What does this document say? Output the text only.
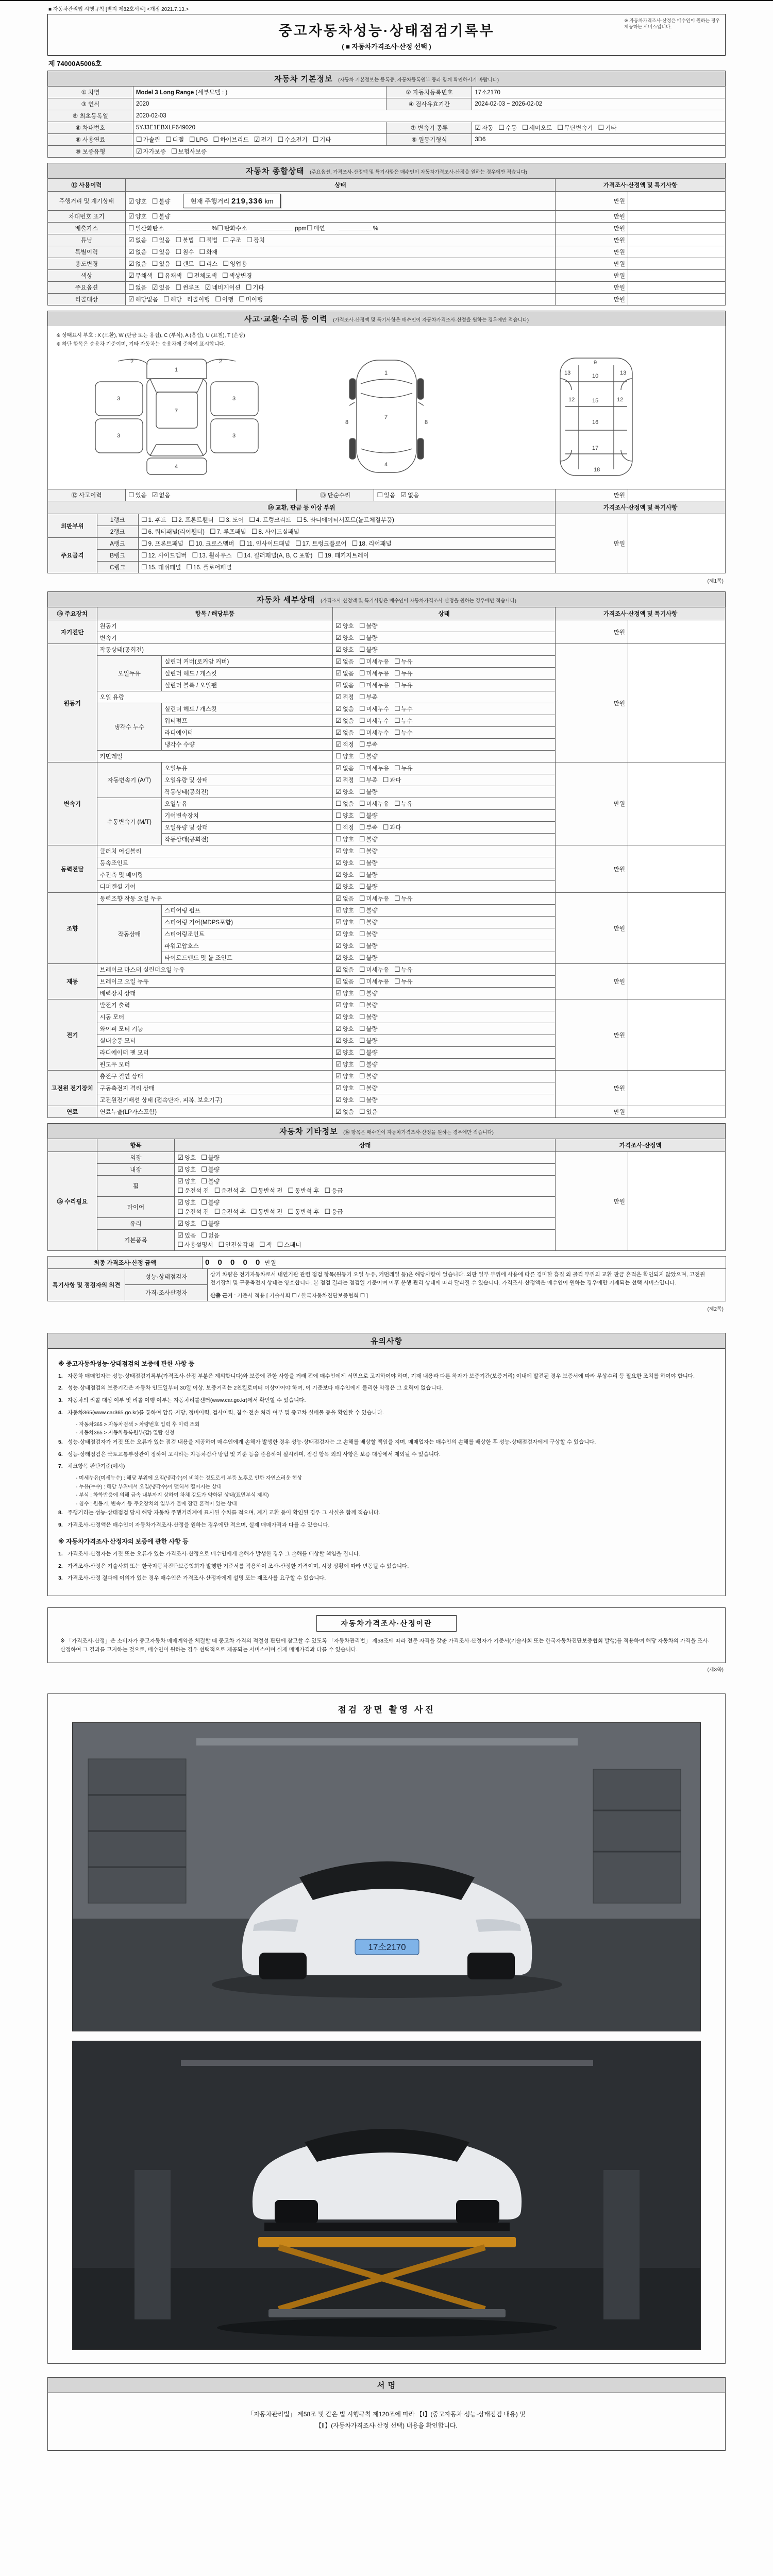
■ 자동차관리법 시행규칙 [별지 제82호서식] <개정 2021.7.13.>
※ 자동차가격조사·산정은 매수인이 원하는 경우
제공하는 서비스입니다.
중고자동차성능·상태점검기록부
( ■ 자동차가격조사·산정 선택 )
제 74000A5006호
자동차 기본정보 (자동차 기본정보는 등록증, 자동차등록원부 등과 함께 확인하시기 바랍니다)
① 차명	Model 3 Long Range (세부모델 : )	② 자동차등록번호	17소2170
③ 연식	2020	④ 검사유효기간	2024-02-03 ~ 2026-02-02
⑤ 최초등록일	2020-02-03		
⑥ 차대번호	5YJ3E1EBXLF649020	⑦ 변속기 종류	☑ 자동 ☐ 수동 ☐ 세미오토 ☐ 무단변속기 ☐ 기타
⑧ 사용연료	☐ 가솔린 ☐ 디젤 ☐ LPG ☐ 하이브리드 ☑ 전기 ☐ 수소전기 ☐ 기타	⑨ 원동기형식	3D6
⑩ 보증유형	☑ 자가보증 ☐ 보험사보증		
자동차 종합상태 (주요옵션, 가격조사·산정액 및 특기사항은 매수인이 자동차가격조사·산정을 원하는 경우에만 적습니다)
⑪ 사용이력	상태	가격조사·산정액 및 특기사항	
주행거리 및 계기상태	☑ 양호 ☐ 불량 현재 주행거리 219,336 km	만원	
차대번호 표기	☑ 양호 ☐ 불량	만원	
배출가스	☐ 일산화탄소 %☐ 탄화수소 ppm☐ 매연 %	만원	
튜닝	☑ 없음 ☐ 있음 ☐ 불법 ☐ 적법 ☐ 구조 ☐ 장치	만원	
특별이력	☑ 없음 ☐ 있음 ☐ 침수 ☐ 화재	만원	
용도변경	☑ 없음 ☐ 있음 ☐ 렌트 ☐ 리스 ☐ 영업용	만원	
색상	☑ 무채색 ☐ 유채색 ☐ 전체도색 ☐ 색상변경	만원	
주요옵션	☐ 없음 ☑ 있음 ☐ 썬루프 ☑ 네비게이션 ☐ 기타	만원	
리콜대상	☑ 해당없음 ☐ 해당 리콜이행 ☐ 이행 ☐ 미이행	만원	
사고·교환·수리 등 이력 (가격조사·산정액 및 특기사항은 매수인이 자동차가격조사·산정을 원하는 경우에만 적습니다)
※ 상태표시 부호 : X (교환), W (판금 또는 용접), C (부식), A (흠집), U (요철), T (손상)
※ 하단 항목은 승용차 기준이며, 기타 자동차는 승용차에 준하여 표시합니다.
1
2	2
3	3
3	3
4
7
1
7
4
8	8
9
10
12	12
15
16
17
18
13	13
⑫ 사고이력	☐ 있음 ☑ 없음	⑬ 단순수리	☐ 있음 ☑ 없음	만원	
⑭ 교환, 판금 등 이상 부위			가격조사·산정액 및 특기사항	
외판부위	1랭크	☐ 1. 후드 ☐ 2. 프론트휀더 ☐ 3. 도어 ☐ 4. 트렁크리드 ☐ 5. 라디에이터서포트(볼트체결부품)	만원	
	2랭크	☐ 6. 쿼터패널(리어휀더) ☐ 7. 루프패널 ☐ 8. 사이드실패널		
주요골격	A랭크	☐ 9. 프론트패널 ☐ 10. 크로스멤버 ☐ 11. 인사이드패널 ☐ 17. 트렁크플로어 ☐ 18. 리어패널		
	B랭크	☐ 12. 사이드멤버 ☐ 13. 휠하우스 ☐ 14. 필러패널(A, B, C 포함) ☐ 19. 패키지트레이		
	C랭크	☐ 15. 대쉬패널 ☐ 16. 플로어패널		
(제1쪽)
자동차 세부상태 (가격조사·산정액 및 특기사항은 매수인이 자동차가격조사·산정을 원하는 경우에만 적습니다)
⑮ 주요장치	항목 / 해당부품		상태	가격조사·산정액 및 특기사항	
자기진단	원동기		☑ 양호 ☐ 불량	만원	
	변속기		☑ 양호 ☐ 불량		
원동기	작동상태(공회전)		☑ 양호 ☐ 불량	만원	
	오일누유	실린더 커버(로커암 커버)	☑ 없음 ☐ 미세누유 ☐ 누유		
		실린더 헤드 / 개스킷	☑ 없음 ☐ 미세누유 ☐ 누유		
		실린더 블록 / 오일팬	☑ 없음 ☐ 미세누유 ☐ 누유		
	오일 유량		☑ 적정 ☐ 부족		
	냉각수 누수	실린더 헤드 / 개스킷	☑ 없음 ☐ 미세누수 ☐ 누수		
		워터펌프	☑ 없음 ☐ 미세누수 ☐ 누수		
		라디에이터	☑ 없음 ☐ 미세누수 ☐ 누수		
		냉각수 수량	☑ 적정 ☐ 부족		
	커먼레일		☐ 양호 ☐ 불량		
변속기	자동변속기 (A/T)	오일누유	☑ 없음 ☐ 미세누유 ☐ 누유	만원	
		오일유량 및 상태	☑ 적정 ☐ 부족 ☐ 과다		
		작동상태(공회전)	☑ 양호 ☐ 불량		
	수동변속기 (M/T)	오일누유	☐ 없음 ☐ 미세누유 ☐ 누유		
		기어변속장치	☐ 양호 ☐ 불량		
		오일유량 및 상태	☐ 적정 ☐ 부족 ☐ 과다		
		작동상태(공회전)	☐ 양호 ☐ 불량		
동력전달	클러치 어셈블리		☑ 양호 ☐ 불량	만원	
	등속조인트		☑ 양호 ☐ 불량		
	추진축 및 베어링		☑ 양호 ☐ 불량		
	디퍼렌셜 기어		☑ 양호 ☐ 불량		
조향	동력조향 작동 오일 누유		☑ 없음 ☐ 미세누유 ☐ 누유	만원	
	작동상태	스티어링 펌프	☑ 양호 ☐ 불량		
		스티어링 기어(MDPS포함)	☑ 양호 ☐ 불량		
		스티어링조인트	☑ 양호 ☐ 불량		
		파워고압호스	☑ 양호 ☐ 불량		
		타이로드엔드 및 볼 조인트	☑ 양호 ☐ 불량		
제동	브레이크 마스터 실린더오일 누유		☑ 없음 ☐ 미세누유 ☐ 누유	만원	
	브레이크 오일 누유		☑ 없음 ☐ 미세누유 ☐ 누유		
	배력장치 상태		☑ 양호 ☐ 불량		
전기	발전기 출력		☑ 양호 ☐ 불량	만원	
	시동 모터		☑ 양호 ☐ 불량		
	와이퍼 모터 기능		☑ 양호 ☐ 불량		
	실내송풍 모터		☑ 양호 ☐ 불량		
	라디에이터 팬 모터		☑ 양호 ☐ 불량		
	윈도우 모터		☑ 양호 ☐ 불량		
고전원 전기장치	충전구 절연 상태		☑ 양호 ☐ 불량	만원	
	구동축전지 격리 상태		☑ 양호 ☐ 불량		
	고전원전기배선 상태 (접속단자, 피복, 보호기구)		☑ 양호 ☐ 불량		
연료	연료누출(LP가스포함)		☑ 없음 ☐ 있음	만원	
자동차 기타정보 (⑯ 항목은 매수인이 자동차가격조사·산정을 원하는 경우에만 적습니다)
	항목	상태	가격조사·산정액	
⑯ 수리필요	외장	☑ 양호 ☐ 불량	만원	
	내장	☑ 양호 ☐ 불량		
	휠	☑ 양호 ☐ 불량
☐ 운전석 전 ☐ 운전석 후 ☐ 동반석 전 ☐ 동반석 후 ☐ 응급		

	타이어	☑ 양호 ☐ 불량
☐ 운전석 전 ☐ 운전석 후 ☐ 동반석 전 ☐ 동반석 후 ☐ 응급		

	유리	☑ 양호 ☐ 불량		
	기본품목	☑ 있음 ☐ 없음
☐ 사용설명서 ☐ 안전삼각대 ☐ 잭 ☐ 스패너		
최종 가격조사·산정 금액	0 0 0 0 0 만원
특기사항 및 점검자의 의견	성능·상태점검자	상기 차량은 전기자동차로서 내연기관 관련 점검 항목(원동기 오일 누유, 커먼레일 등)은 해당사항이 없습니다. 외판 일부 부위에 사용에 따른 경미한 흠집 외 골격 부위의 교환·판금 흔적은 확인되지 않았으며, 고전원 전기장치 및 구동축전지 상태는 양호합니다. 본 점검 결과는 점검일 기준이며 이후 운행·관리 상태에 따라 달라질 수 있습니다. 가격조사·산정액은 매수인이 원하는 경우에만 기재되는 선택 서비스입니다.
산출 근거 : 기준서 적용 [ 기술사회 ☐ / 한국자동차진단보증협회 ☐ ]

가격·조사산정자
(제2쪽)
유의사항
※ 중고자동차성능·상태점검의 보증에 관한 사항 등
1. 자동차 매매업자는 성능·상태점검기록부(가격조사·산정 부분은 제외합니다)와 보증에 관한 사항을 거래 전에 매수인에게 서면으로 고지하여야 하며, 기재 내용과 다른 하자가 보증기간(보증거리) 이내에 발견된 경우 보증서에 따라 무상수리 등 필요한 조치를 하여야 합니다.
2. 성능·상태점검의 보증기간은 자동차 인도일부터 30일 이상, 보증거리는 2천킬로미터 이상이어야 하며, 이 기준보다 매수인에게 불리한 약정은 그 효력이 없습니다.
3. 자동차의 리콜 대상 여부 및 리콜 이행 여부는 자동차리콜센터(www.car.go.kr)에서 확인할 수 있습니다.
4. 자동차365(www.car365.go.kr)를 통하여 압류·저당, 정비이력, 검사이력, 침수·전손 처리 여부 및 중고차 실매물 등을 확인할 수 있습니다.
- 자동차365 > 자동차검색 > 차량번호 입력 후 이력 조회
- 자동차365 > 자동차등록원부(갑) 열람 신청
5. 성능·상태점검자가 거짓 또는 오류가 있는 점검 내용을 제공하여 매수인에게 손해가 발생한 경우 성능·상태점검자는 그 손해를 배상할 책임을 지며, 매매업자는 매수인의 손해를 배상한 후 성능·상태점검자에게 구상할 수 있습니다.
6. 성능·상태점검은 국토교통부장관이 정하여 고시하는 자동차검사 방법 및 기준 등을 준용하여 실시하며, 점검 항목 외의 사항은 보증 대상에서 제외될 수 있습니다.
7. 체크항목 판단기준(예시)
- 미세누유(미세누수) : 해당 부위에 오일(냉각수)이 비치는 정도로서 부품 노후로 인한 자연스러운 현상
- 누유(누수) : 해당 부위에서 오일(냉각수)이 맺혀서 떨어지는 상태
- 부식 : 화학반응에 의해 금속 내부까지 상하여 차체 강도가 약화된 상태(표면부식 제외)
- 침수 : 원동기, 변속기 등 주요장치의 일부가 물에 잠긴 흔적이 있는 상태
8. 주행거리는 성능·상태점검 당시 해당 자동차 주행거리계에 표시된 수치를 적으며, 계기 교환 등이 확인된 경우 그 사실을 함께 적습니다.
9. 가격조사·산정액은 매수인이 자동차가격조사·산정을 원하는 경우에만 적으며, 실제 매매가격과 다를 수 있습니다.
※ 자동차가격조사·산정자의 보증에 관한 사항 등
1. 가격조사·산정자는 거짓 또는 오류가 있는 가격조사·산정으로 매수인에게 손해가 발생한 경우 그 손해를 배상할 책임을 집니다.
2. 가격조사·산정은 기술사회 또는 한국자동차진단보증협회가 발행한 기준서를 적용하여 조사·산정한 가격이며, 시장 상황에 따라 변동될 수 있습니다.
3. 가격조사·산정 결과에 이의가 있는 경우 매수인은 가격조사·산정자에게 설명 또는 재조사를 요구할 수 있습니다.
자동차가격조사·산정이란
※ 「가격조사·산정」은 소비자가 중고자동차 매매계약을 체결할 때 중고차 가격의 적절성 판단에 참고할 수 있도록 「자동차관리법」 제58조에 따라 전문 자격을 갖춘 가격조사·산정자가 기준서(기술사회 또는 한국자동차진단보증협회 발행)를 적용하여 해당 자동차의 가격을 조사·산정하여 그 결과를 고지하는 것으로, 매수인이 원하는 경우 선택적으로 제공되는 서비스이며 실제 매매가격과 다를 수 있습니다.
(제3쪽)
점검 장면 촬영 사진
17소2170
서 명
「자동차관리법」 제58조 및 같은 법 시행규칙 제120조에 따라 【Ⅰ】(중고자동차 성능·상태점검 내용) 및
【Ⅱ】(자동차가격조사·산정 선택) 내용을 확인합니다.
